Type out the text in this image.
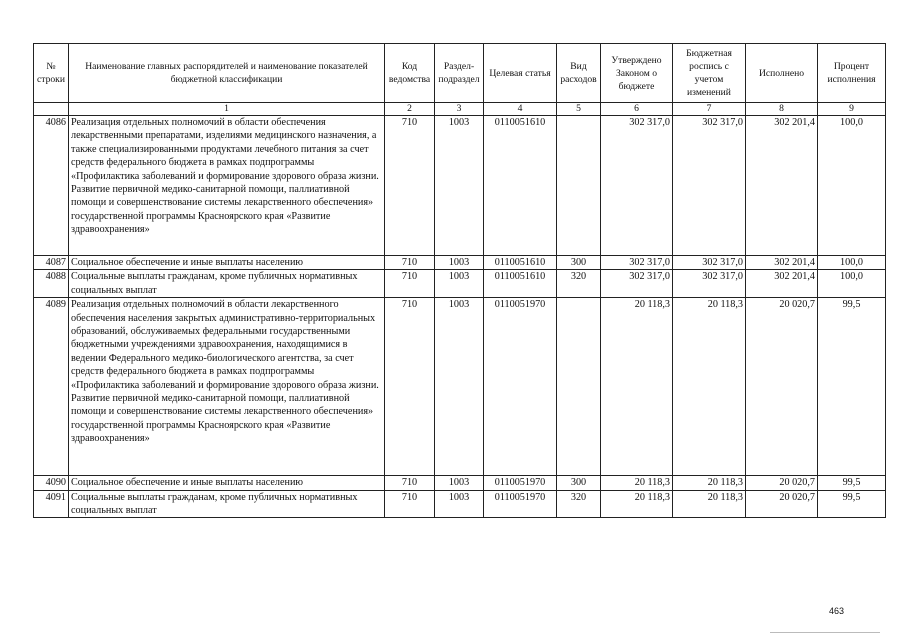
№ строки	Наименование главных распорядителей и наименование показателей бюджетной классификации	Код ведомства	Раздел-подраздел	Целевая статья	Вид расходов	Утверждено Законом о бюджете	Бюджетная роспись с учетом изменений	Исполнено	Процент исполнения
	1	2	3	4	5	6	7	8	9
4086	Реализация отдельных полномочий в области обеспечения лекарственными препаратами, изделиями медицинского назначения, а также специализированными продуктами лечебного питания за счет средств федерального бюджета в рамках подпрограммы «Профилактика заболеваний и формирование здорового образа жизни. Развитие первичной медико-санитарной помощи, паллиативной помощи и совершенствование системы лекарственного обеспечения» государственной программы Красноярского края «Развитие здравоохранения»	710	1003	0110051610		302 317,0	302 317,0	302 201,4	100,0
4087	Социальное обеспечение и иные выплаты населению	710	1003	0110051610	300	302 317,0	302 317,0	302 201,4	100,0
4088	Социальные выплаты гражданам, кроме публичных нормативных социальных выплат	710	1003	0110051610	320	302 317,0	302 317,0	302 201,4	100,0
4089	Реализация отдельных полномочий в области лекарственного обеспечения населения закрытых административно-территориальных образований, обслуживаемых федеральными государственными бюджетными учреждениями здравоохранения, находящимися в ведении Федерального медико-биологического агентства, за счет средств федерального бюджета в рамках подпрограммы «Профилактика заболеваний и формирование здорового образа жизни. Развитие первичной медико-санитарной помощи, паллиативной помощи и совершенствование системы лекарственного обеспечения» государственной программы Красноярского края «Развитие здравоохранения»	710	1003	0110051970		20 118,3	20 118,3	20 020,7	99,5
4090	Социальное обеспечение и иные выплаты населению	710	1003	0110051970	300	20 118,3	20 118,3	20 020,7	99,5
4091	Социальные выплаты гражданам, кроме публичных нормативных социальных выплат	710	1003	0110051970	320	20 118,3	20 118,3	20 020,7	99,5
463
